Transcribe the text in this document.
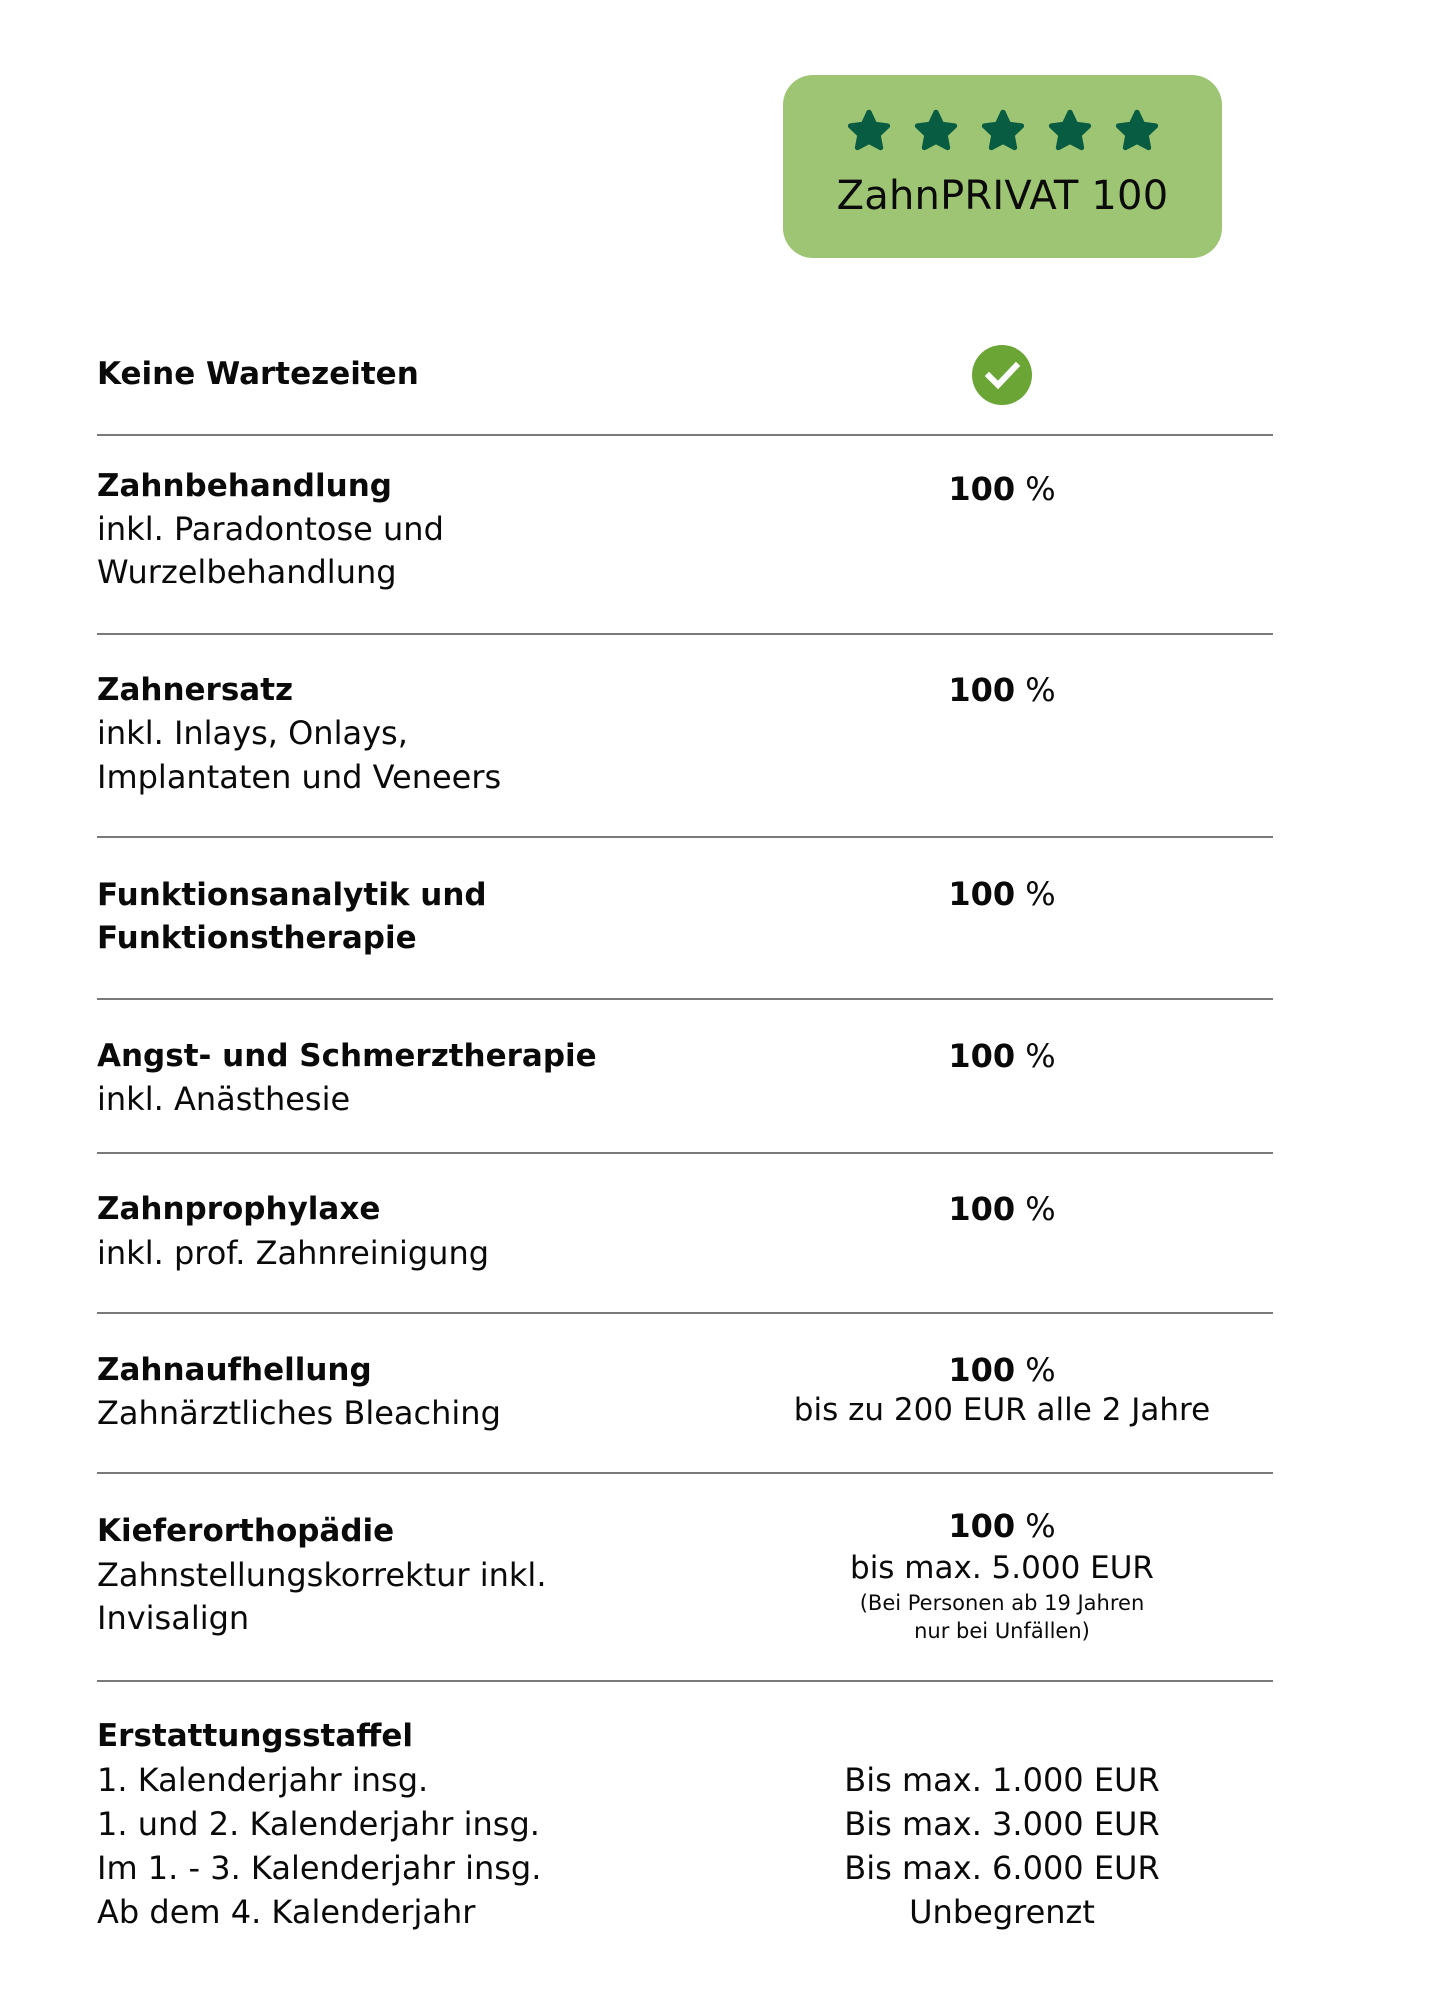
ZahnPRIVAT 100
Keine Wartezeiten
Zahnbehandlung
inkl. Paradontose und
Wurzelbehandlung
100 %
Zahnersatz
inkl. Inlays, Onlays,
Implantaten und Veneers
100 %
Funktionsanalytik und
Funktionstherapie
100 %
Angst- und Schmerztherapie
inkl. Anästhesie
100 %
Zahnprophylaxe
inkl. prof. Zahnreinigung
100 %
Zahnaufhellung
Zahnärztliches Bleaching
100 %
bis zu 200 EUR alle 2 Jahre
Kieferorthopädie
Zahnstellungskorrektur inkl.
Invisalign
100 %
bis max. 5.000 EUR
(Bei Personen ab 19 Jahren
nur bei Unfällen)
Erstattungsstaffel
1. Kalenderjahr insg.
1. und 2. Kalenderjahr insg.
Im 1. - 3. Kalenderjahr insg.
Ab dem 4. Kalenderjahr
Bis max. 1.000 EUR
Bis max. 3.000 EUR
Bis max. 6.000 EUR
Unbegrenzt
